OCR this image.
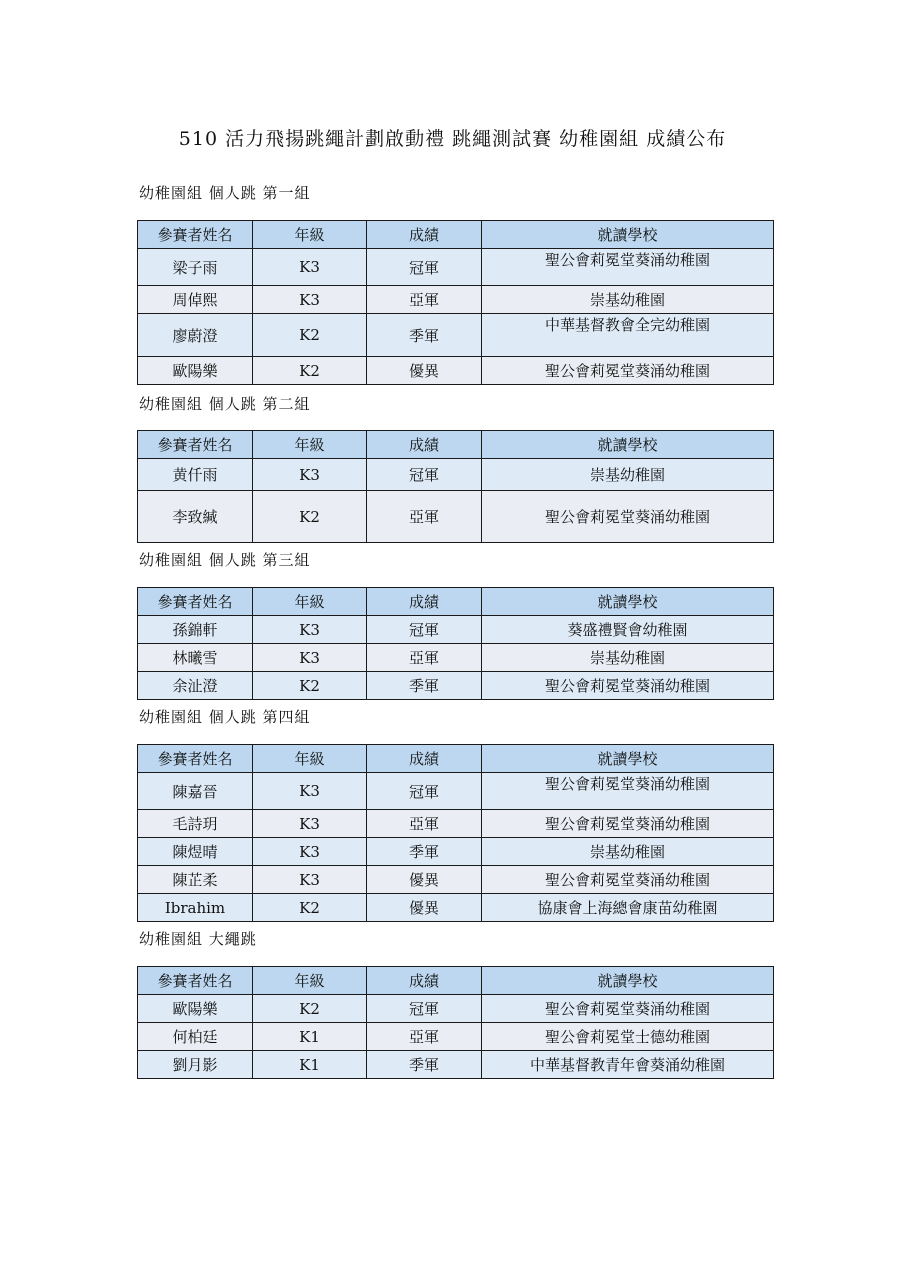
510 活力飛揚跳繩計劃啟動禮 跳繩測試賽 幼稚園組 成績公布
幼稚園組 個人跳 第一組
參賽者姓名	年級	成績	就讀學校
梁子雨	K3	冠軍	聖公會莉冕堂葵涌幼稚園
周倬熙	K3	亞軍	崇基幼稚園
廖蔚澄	K2	季軍	中華基督教會全完幼稚園
歐陽樂	K2	優異	聖公會莉冕堂葵涌幼稚園
幼稚園組 個人跳 第二組
參賽者姓名	年級	成績	就讀學校
黄仟雨	K3	冠軍	崇基幼稚園
李致緘	K2	亞軍	聖公會莉冕堂葵涌幼稚園
幼稚園組 個人跳 第三組
參賽者姓名	年級	成績	就讀學校
孫錦軒	K3	冠軍	葵盛禮賢會幼稚園
林曦雪	K3	亞軍	崇基幼稚園
余沚澄	K2	季軍	聖公會莉冕堂葵涌幼稚園
幼稚園組 個人跳 第四組
參賽者姓名	年級	成績	就讀學校
陳嘉晉	K3	冠軍	聖公會莉冕堂葵涌幼稚園
毛詩玥	K3	亞軍	聖公會莉冕堂葵涌幼稚園
陳煜晴	K3	季軍	崇基幼稚園
陳芷柔	K3	優異	聖公會莉冕堂葵涌幼稚園
Ibrahim	K2	優異	協康會上海總會康苗幼稚園
幼稚園組 大繩跳
參賽者姓名	年級	成績	就讀學校
歐陽樂	K2	冠軍	聖公會莉冕堂葵涌幼稚園
何柏廷	K1	亞軍	聖公會莉冕堂士德幼稚園
劉月影	K1	季軍	中華基督教青年會葵涌幼稚園
